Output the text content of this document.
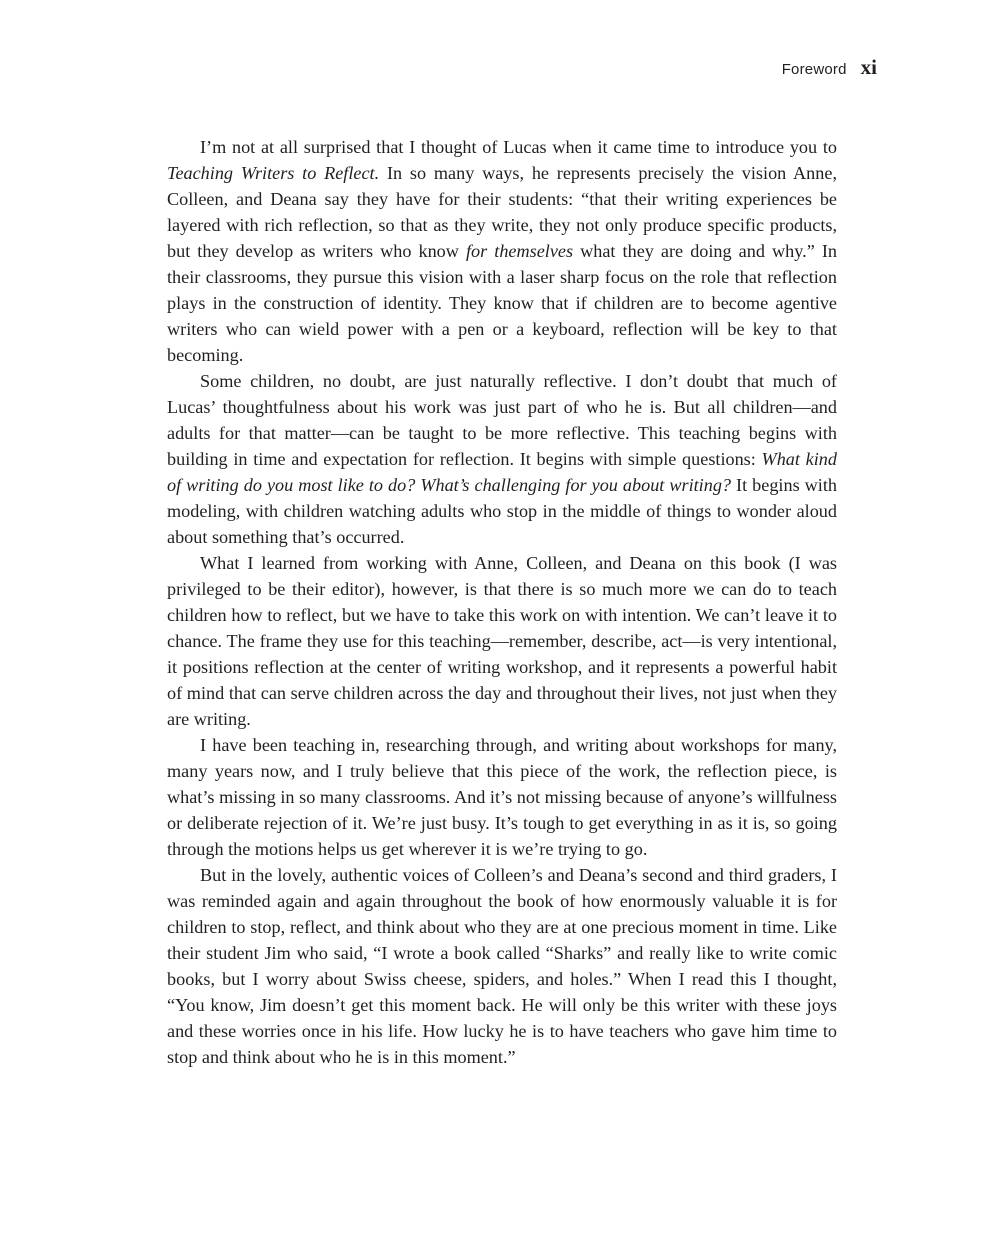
Foreword xi

I’m not at all surprised that I thought of Lucas when it came time to introduce you to Teaching Writers to Reflect. In so many ways, he represents precisely the vision Anne, Colleen, and Deana say they have for their students: “that their writing experiences be layered with rich reflection, so that as they write, they not only produce specific products, but they develop as writers who know for themselves what they are doing and why.” In their classrooms, they pursue this vision with a laser sharp focus on the role that reflection plays in the construction of identity. They know that if children are to become agentive writers who can wield power with a pen or a keyboard, reflection will be key to that becoming.

Some children, no doubt, are just naturally reflective. I don’t doubt that much of Lucas’ thoughtfulness about his work was just part of who he is. But all children—and adults for that matter—can be taught to be more reflective. This teaching begins with building in time and expectation for reflection. It begins with simple questions: What kind of writing do you most like to do? What’s challenging for you about writing? It begins with modeling, with children watching adults who stop in the middle of things to wonder aloud about something that’s occurred.

What I learned from working with Anne, Colleen, and Deana on this book (I was privileged to be their editor), however, is that there is so much more we can do to teach children how to reflect, but we have to take this work on with intention. We can’t leave it to chance. The frame they use for this teaching—remember, describe, act—is very intentional, it positions reflection at the center of writing workshop, and it represents a powerful habit of mind that can serve children across the day and throughout their lives, not just when they are writing.

I have been teaching in, researching through, and writing about workshops for many, many years now, and I truly believe that this piece of the work, the reflection piece, is what’s missing in so many classrooms. And it’s not missing because of anyone’s willfulness or deliberate rejection of it. We’re just busy. It’s tough to get everything in as it is, so going through the motions helps us get wherever it is we’re trying to go.

But in the lovely, authentic voices of Colleen’s and Deana’s second and third graders, I was reminded again and again throughout the book of how enormously valuable it is for children to stop, reflect, and think about who they are at one precious moment in time. Like their student Jim who said, “I wrote a book called “Sharks” and really like to write comic books, but I worry about Swiss cheese, spiders, and holes.” When I read this I thought, “You know, Jim doesn’t get this moment back. He will only be this writer with these joys and these worries once in his life. How lucky he is to have teachers who gave him time to stop and think about who he is in this moment.”
